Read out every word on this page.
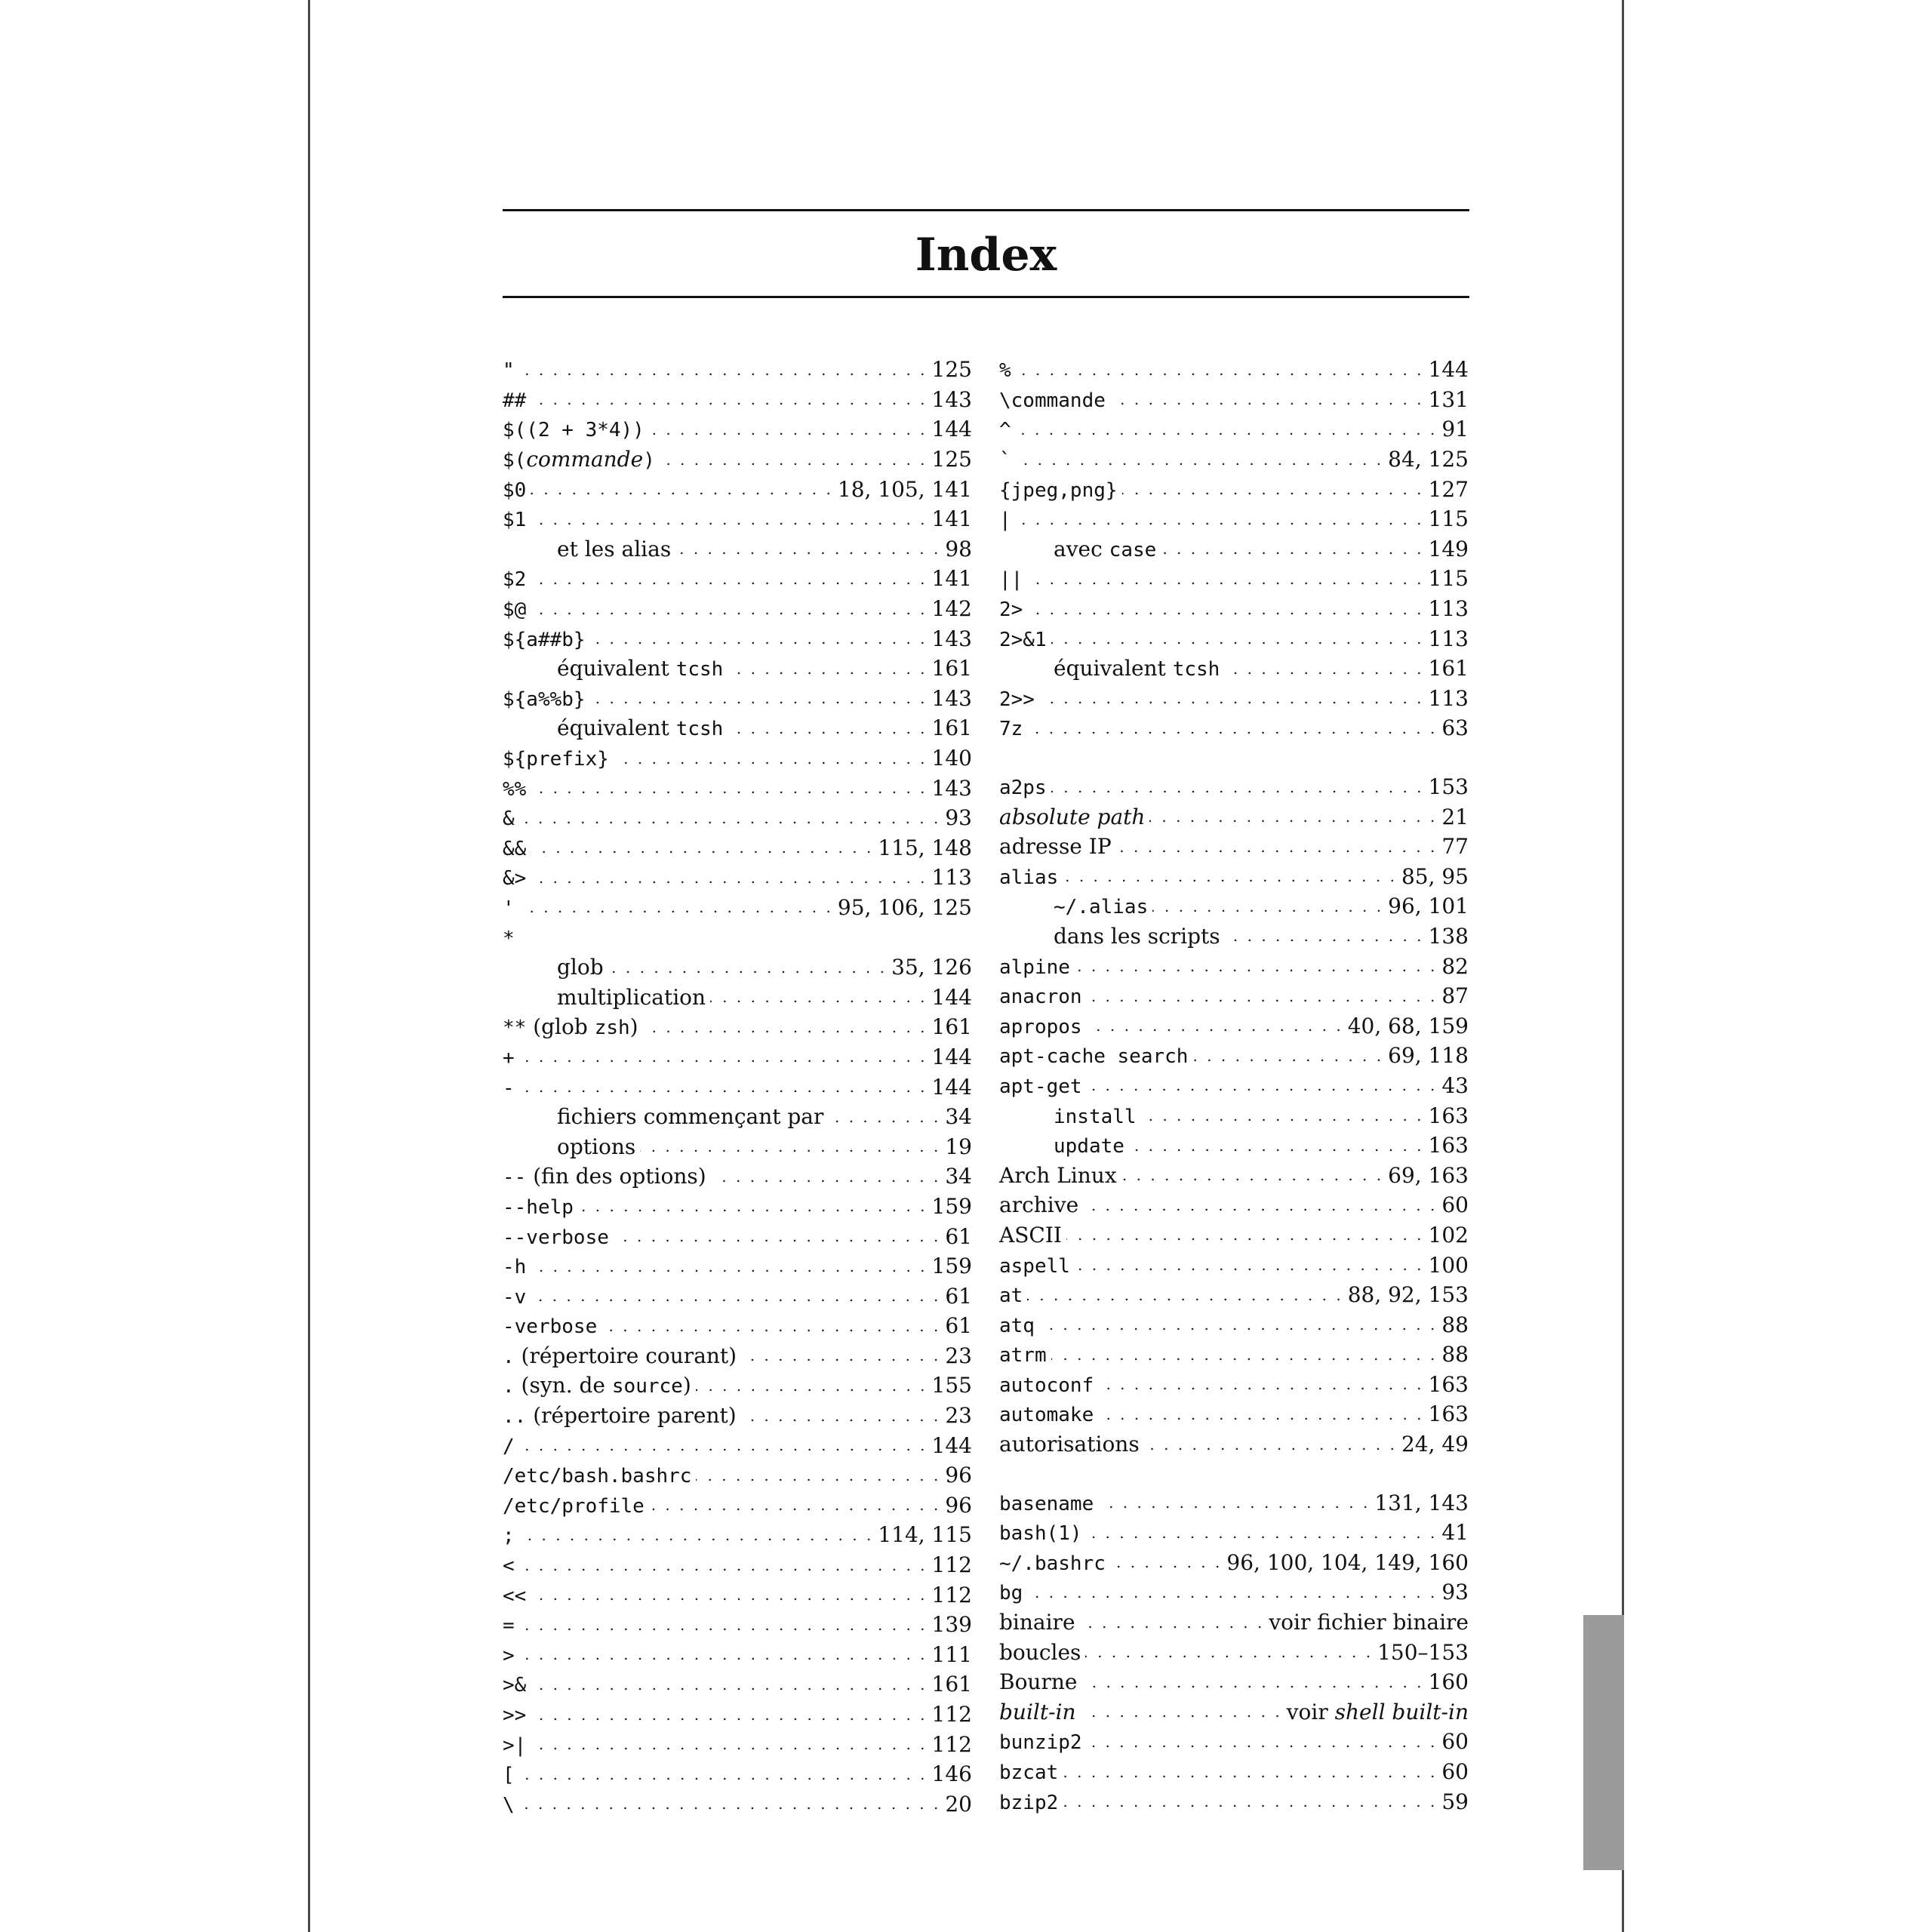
Index
" . . .	125
## . . .	143
$((2 + 3*4)) . . .	144
$(commande) . . .	125
$0 . . .	18, 105, 141
$1 . . .	141
et les alias . . .	98
$2 . . .	141
$@ . . .	142
${a##b} . . .	143
équivalent tcsh . . .	161
${a%%b} . . .	143
équivalent tcsh . . .	161
${prefix} . . .	140
%% . . .	143
& . . .	93
&& . . .	115, 148
&> . . .	113
' . . .	95, 106, 125
*
glob . . .	35, 126
multiplication . . .	144
** (glob zsh) . . .	161
+ . . .	144
- . . .	144
fichiers commençant par . . .	34
options . . .	19
-- (fin des options) . . .	34
--help . . .	159
--verbose . . .	61
-h . . .	159
-v . . .	61
-verbose . . .	61
. (répertoire courant) . . .	23
. (syn. de source) . . .	155
.. (répertoire parent) . . .	23
/ . . .	144
/etc/bash.bashrc . . .	96
/etc/profile . . .	96
; . . .	114, 115
< . . .	112
<< . . .	112
= . . .	139
> . . .	111
>& . . .	161
>> . . .	112
>| . . .	112
[ . . .	146
\ . . .	20
% . . .	144
\commande . . .	131
^ . . .	91
` . . .	84, 125
{jpeg,png} . . .	127
| . . .	115
avec case . . .	149
|| . . .	115
2> . . .	113
2>&1 . . .	113
équivalent tcsh . . .	161
2>> . . .	113
7z . . .	63
a2ps . . .	153
absolute path . . .	21
adresse IP . . .	77
alias . . .	85, 95
~/.alias . . .	96, 101
dans les scripts . . .	138
alpine . . .	82
anacron . . .	87
apropos . . .	40, 68, 159
apt-cache search . . .	69, 118
apt-get . . .	43
install . . .	163
update . . .	163
Arch Linux . . .	69, 163
archive . . .	60
ASCII . . .	102
aspell . . .	100
at . . .	88, 92, 153
atq . . .	88
atrm . . .	88
autoconf . . .	163
automake . . .	163
autorisations . . .	24, 49
basename . . .	131, 143
bash(1) . . .	41
~/.bashrc . . .	96, 100, 104, 149, 160
bg . . .	93
binaire . . .	voir fichier binaire
boucles . . .	150–153
Bourne . . .	160
built-in . . .	voir shell built-in
bunzip2 . . .	60
bzcat . . .	60
bzip2 . . .	59
